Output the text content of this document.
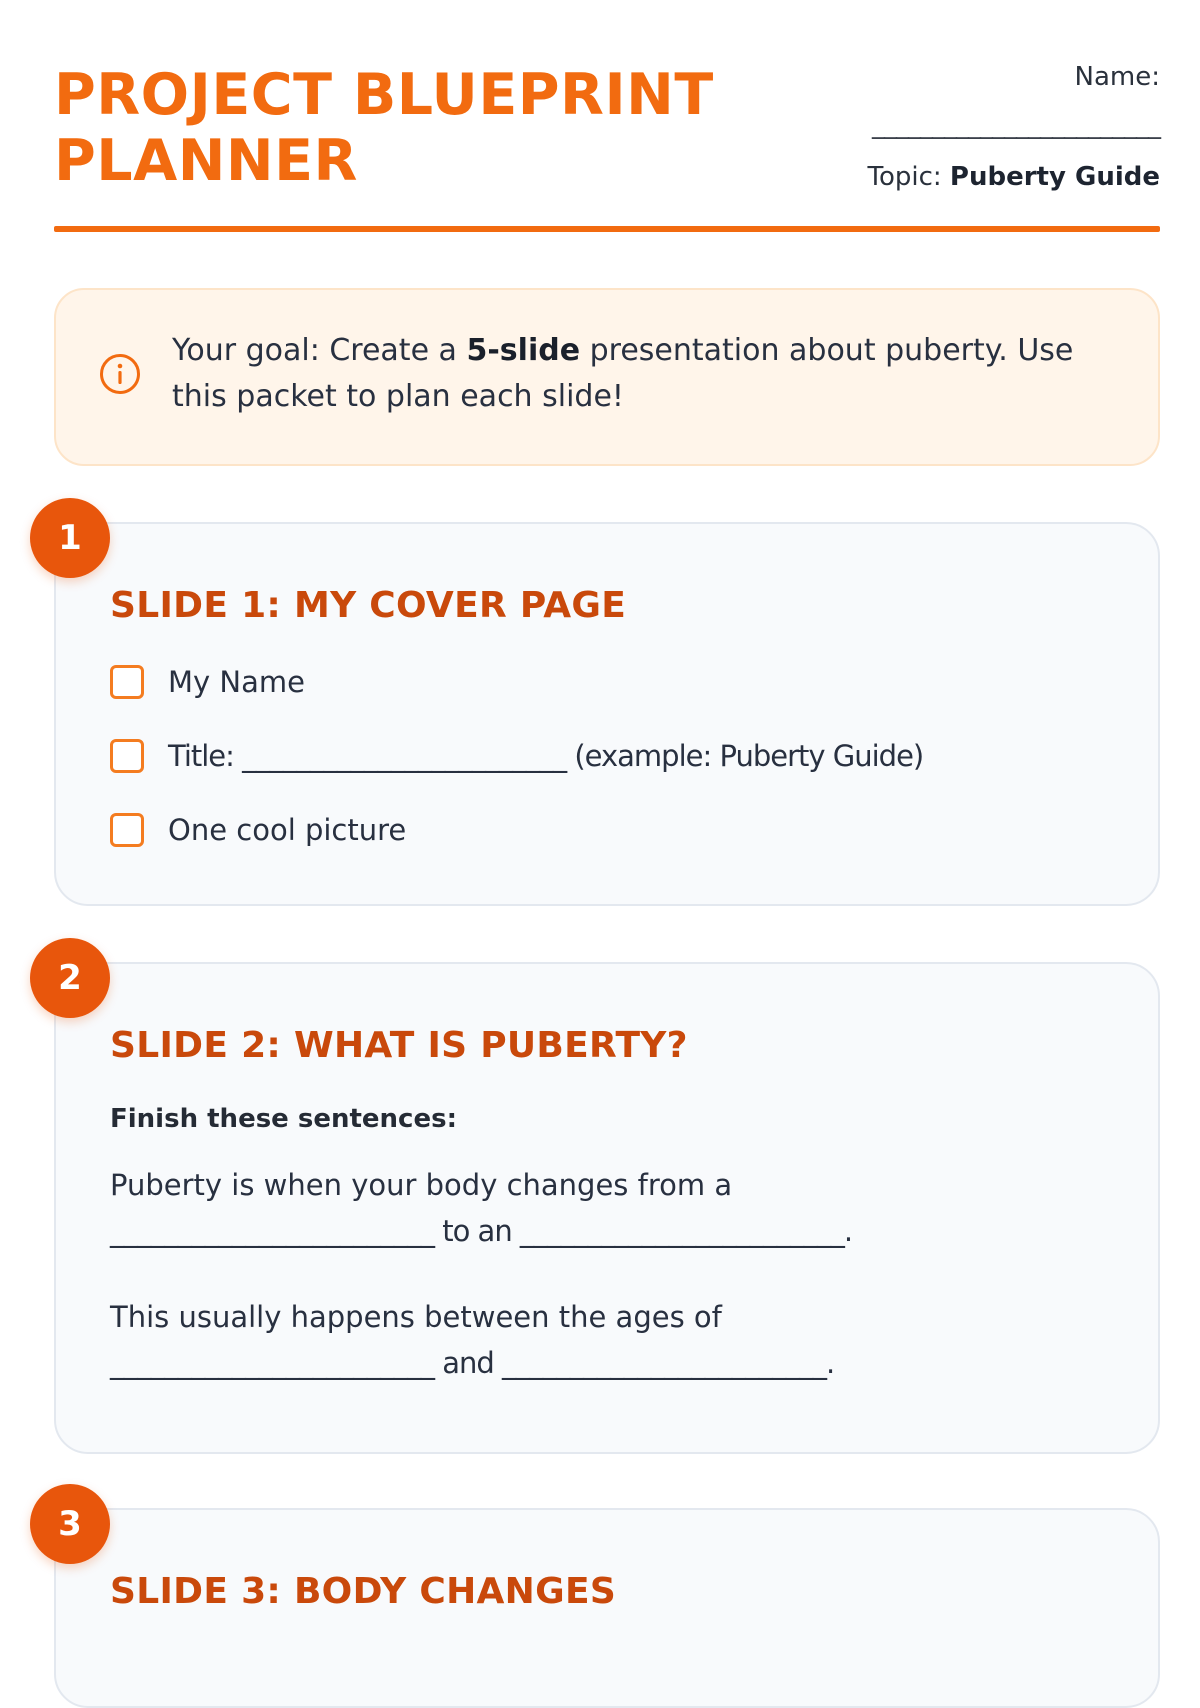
PROJECT BLUEPRINT
PLANNER
Name:
________________________
Topic: Puberty Guide
Your goal: Create a 5-slide presentation about puberty. Use this packet to plan each slide!
SLIDE 1: MY COVER PAGE
My Name
Title: ________________________ (example: Puberty Guide)
One cool picture
1
SLIDE 2: WHAT IS PUBERTY?
Finish these sentences:
Puberty is when your body changes from a
________________________ to an ________________________.
This usually happens between the ages of
________________________ and ________________________.
2
SLIDE 3: BODY CHANGES
3
